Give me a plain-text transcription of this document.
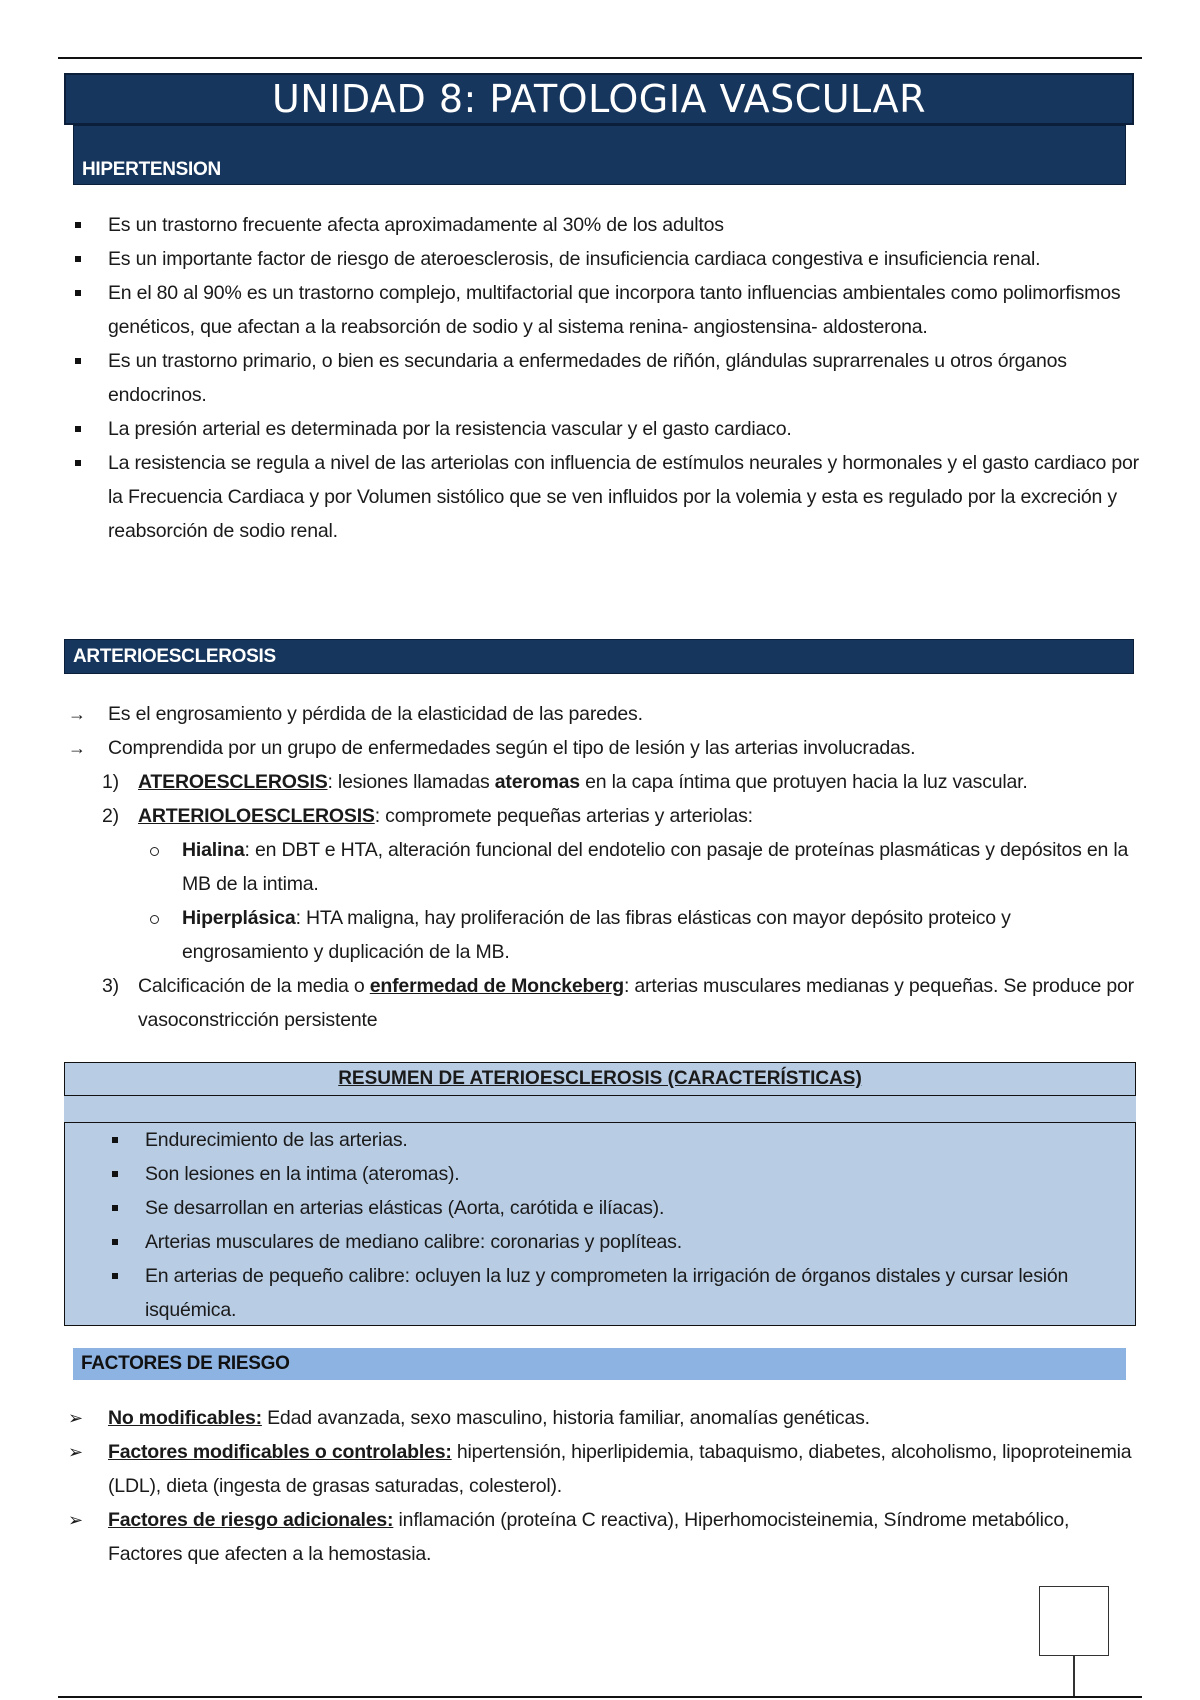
UNIDAD 8: PATOLOGIA VASCULAR
HIPERTENSION
Es un trastorno frecuente afecta aproximadamente al 30% de los adultos
Es un importante factor de riesgo de ateroesclerosis, de insuficiencia cardiaca congestiva e insuficiencia renal.
En el 80 al 90% es un trastorno complejo, multifactorial que incorpora tanto influencias ambientales como polimorfismos genéticos, que afectan a la reabsorción de sodio y al sistema renina- angiostensina- aldosterona.
Es un trastorno primario, o bien es secundaria a enfermedades de riñón, glándulas suprarrenales u otros órganos endocrinos.
La presión arterial es determinada por la resistencia vascular y el gasto cardiaco.
La resistencia se regula a nivel de las arteriolas con influencia de estímulos neurales y hormonales y el gasto cardiaco por la Frecuencia Cardiaca y por Volumen sistólico que se ven influidos por la volemia y esta es regulado por la excreción y reabsorción de sodio renal.
ARTERIOESCLEROSIS
→ Es el engrosamiento y pérdida de la elasticidad de las paredes.
→ Comprendida por un grupo de enfermedades según el tipo de lesión y las arterias involucradas.
1) ATEROESCLEROSIS: lesiones llamadas ateromas en la capa íntima que protuyen hacia la luz vascular.
2) ARTERIOLOESCLEROSIS: compromete pequeñas arterias y arteriolas:
Hialina: en DBT e HTA, alteración funcional del endotelio con pasaje de proteínas plasmáticas y depósitos en la MB de la intima.
Hiperplásica: HTA maligna, hay proliferación de las fibras elásticas con mayor depósito proteico y engrosamiento y duplicación de la MB.
3) Calcificación de la media o enfermedad de Monckeberg: arterias musculares medianas y pequeñas. Se produce por vasoconstricción persistente
RESUMEN DE ATERIOESCLEROSIS (CARACTERÍSTICAS)
Endurecimiento de las arterias.
Son lesiones en la intima (ateromas).
Se desarrollan en arterias elásticas (Aorta, carótida e ilíacas).
Arterias musculares de mediano calibre: coronarias y poplíteas.
En arterias de pequeño calibre: ocluyen la luz y comprometen la irrigación de órganos distales y cursar lesión isquémica.
FACTORES DE RIESGO
➢ No modificables: Edad avanzada, sexo masculino, historia familiar, anomalías genéticas.
➢ Factores modificables o controlables: hipertensión, hiperlipidemia, tabaquismo, diabetes, alcoholismo, lipoproteinemia (LDL), dieta (ingesta de grasas saturadas, colesterol).
➢ Factores de riesgo adicionales: inflamación (proteína C reactiva), Hiperhomocisteinemia, Síndrome metabólico, Factores que afecten a la hemostasia.
